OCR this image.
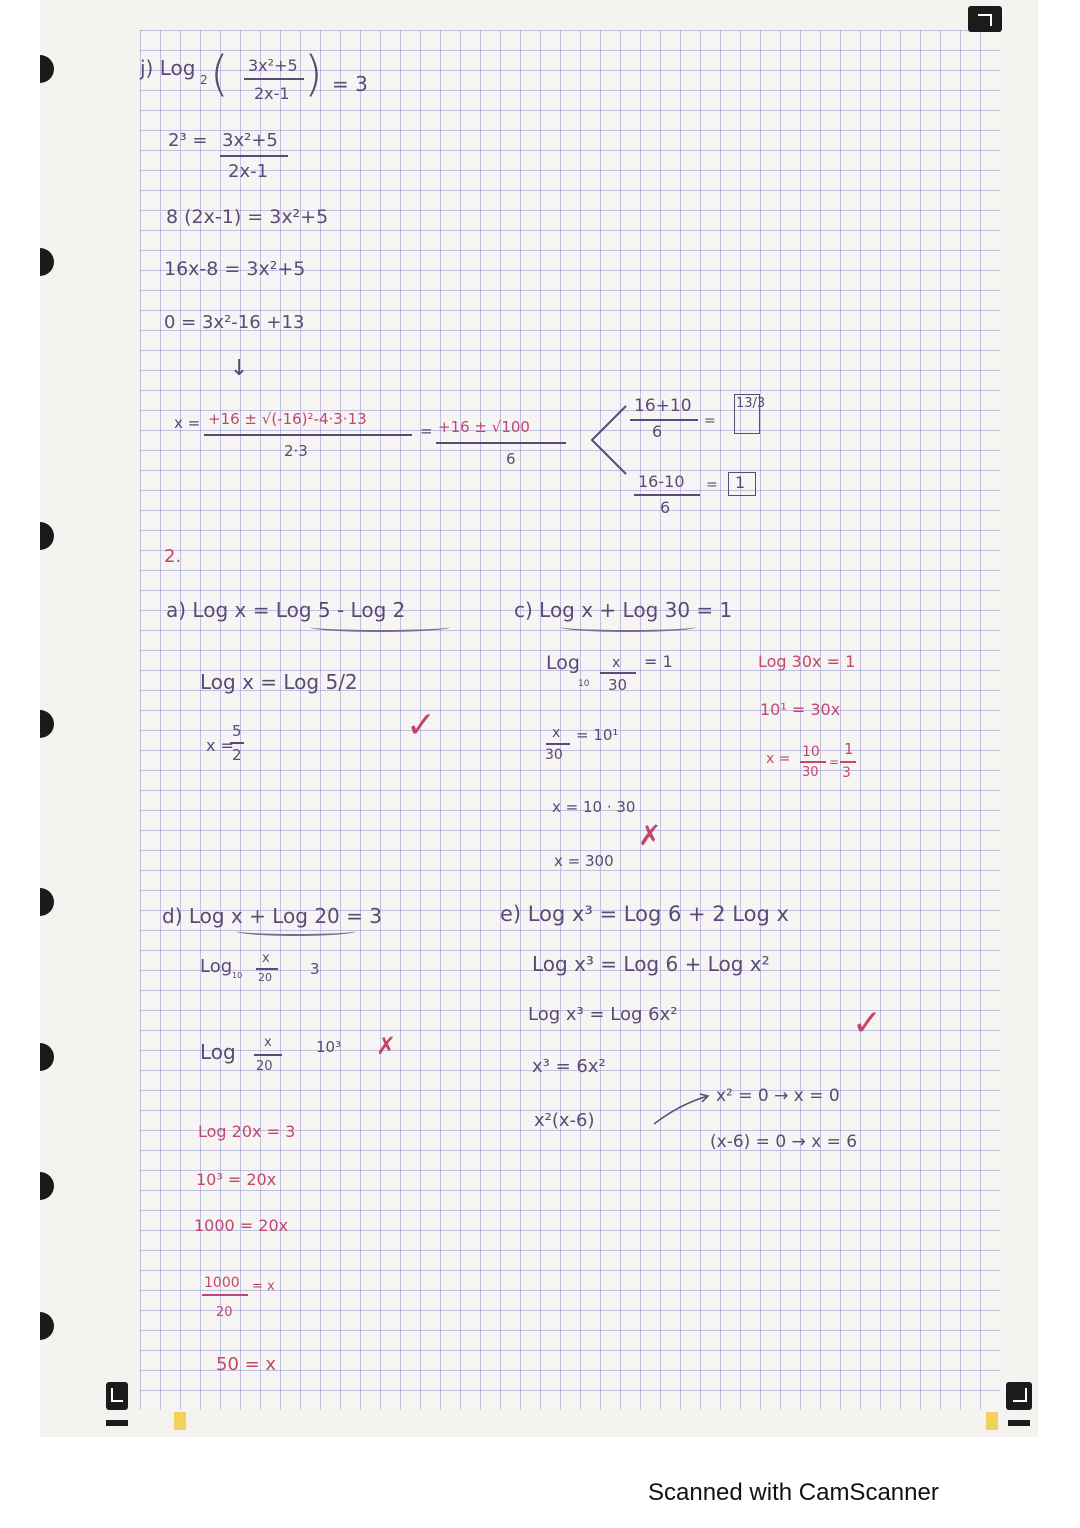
j) Log 2 ( 3x²+5
2x-1 ) = 3
2³ = 3x²+5
2x-1
8 (2x-1) = 3x²+5
16x-8 = 3x²+5
0 = 3x²-16 +13
↓
x = +16 ± √(-16)²-4·3·13
2·3
= +16 ± √100
6
16+10
6
=
13/3
16-10
6
= 1
2.
a) Log x = Log 5 - Log 2
Log x = Log 5/2
x =
5
2
✓
c) Log x + Log 30 = 1
Log
10
x
30
= 1
x
30
= 10¹
x = 10 · 30
x = 300
✗
Log 30x = 1
10¹ = 30x
x = 10
30
=
1
3
d) Log x + Log 20 = 3
Log 10
x
20	3
Log x
20
10³ ✗
Log 20x = 3
10³ = 20x
1000 = 20x
1000
20
= x
50 = x
e) Log x³ = Log 6 + 2 Log x
Log x³ = Log 6 + Log x²
Log x³ = Log 6x²
x³ = 6x²
x²(x-6)
x² = 0 → x = 0
(x-6) = 0 → x = 6
✓
Scanned with CamScanner
